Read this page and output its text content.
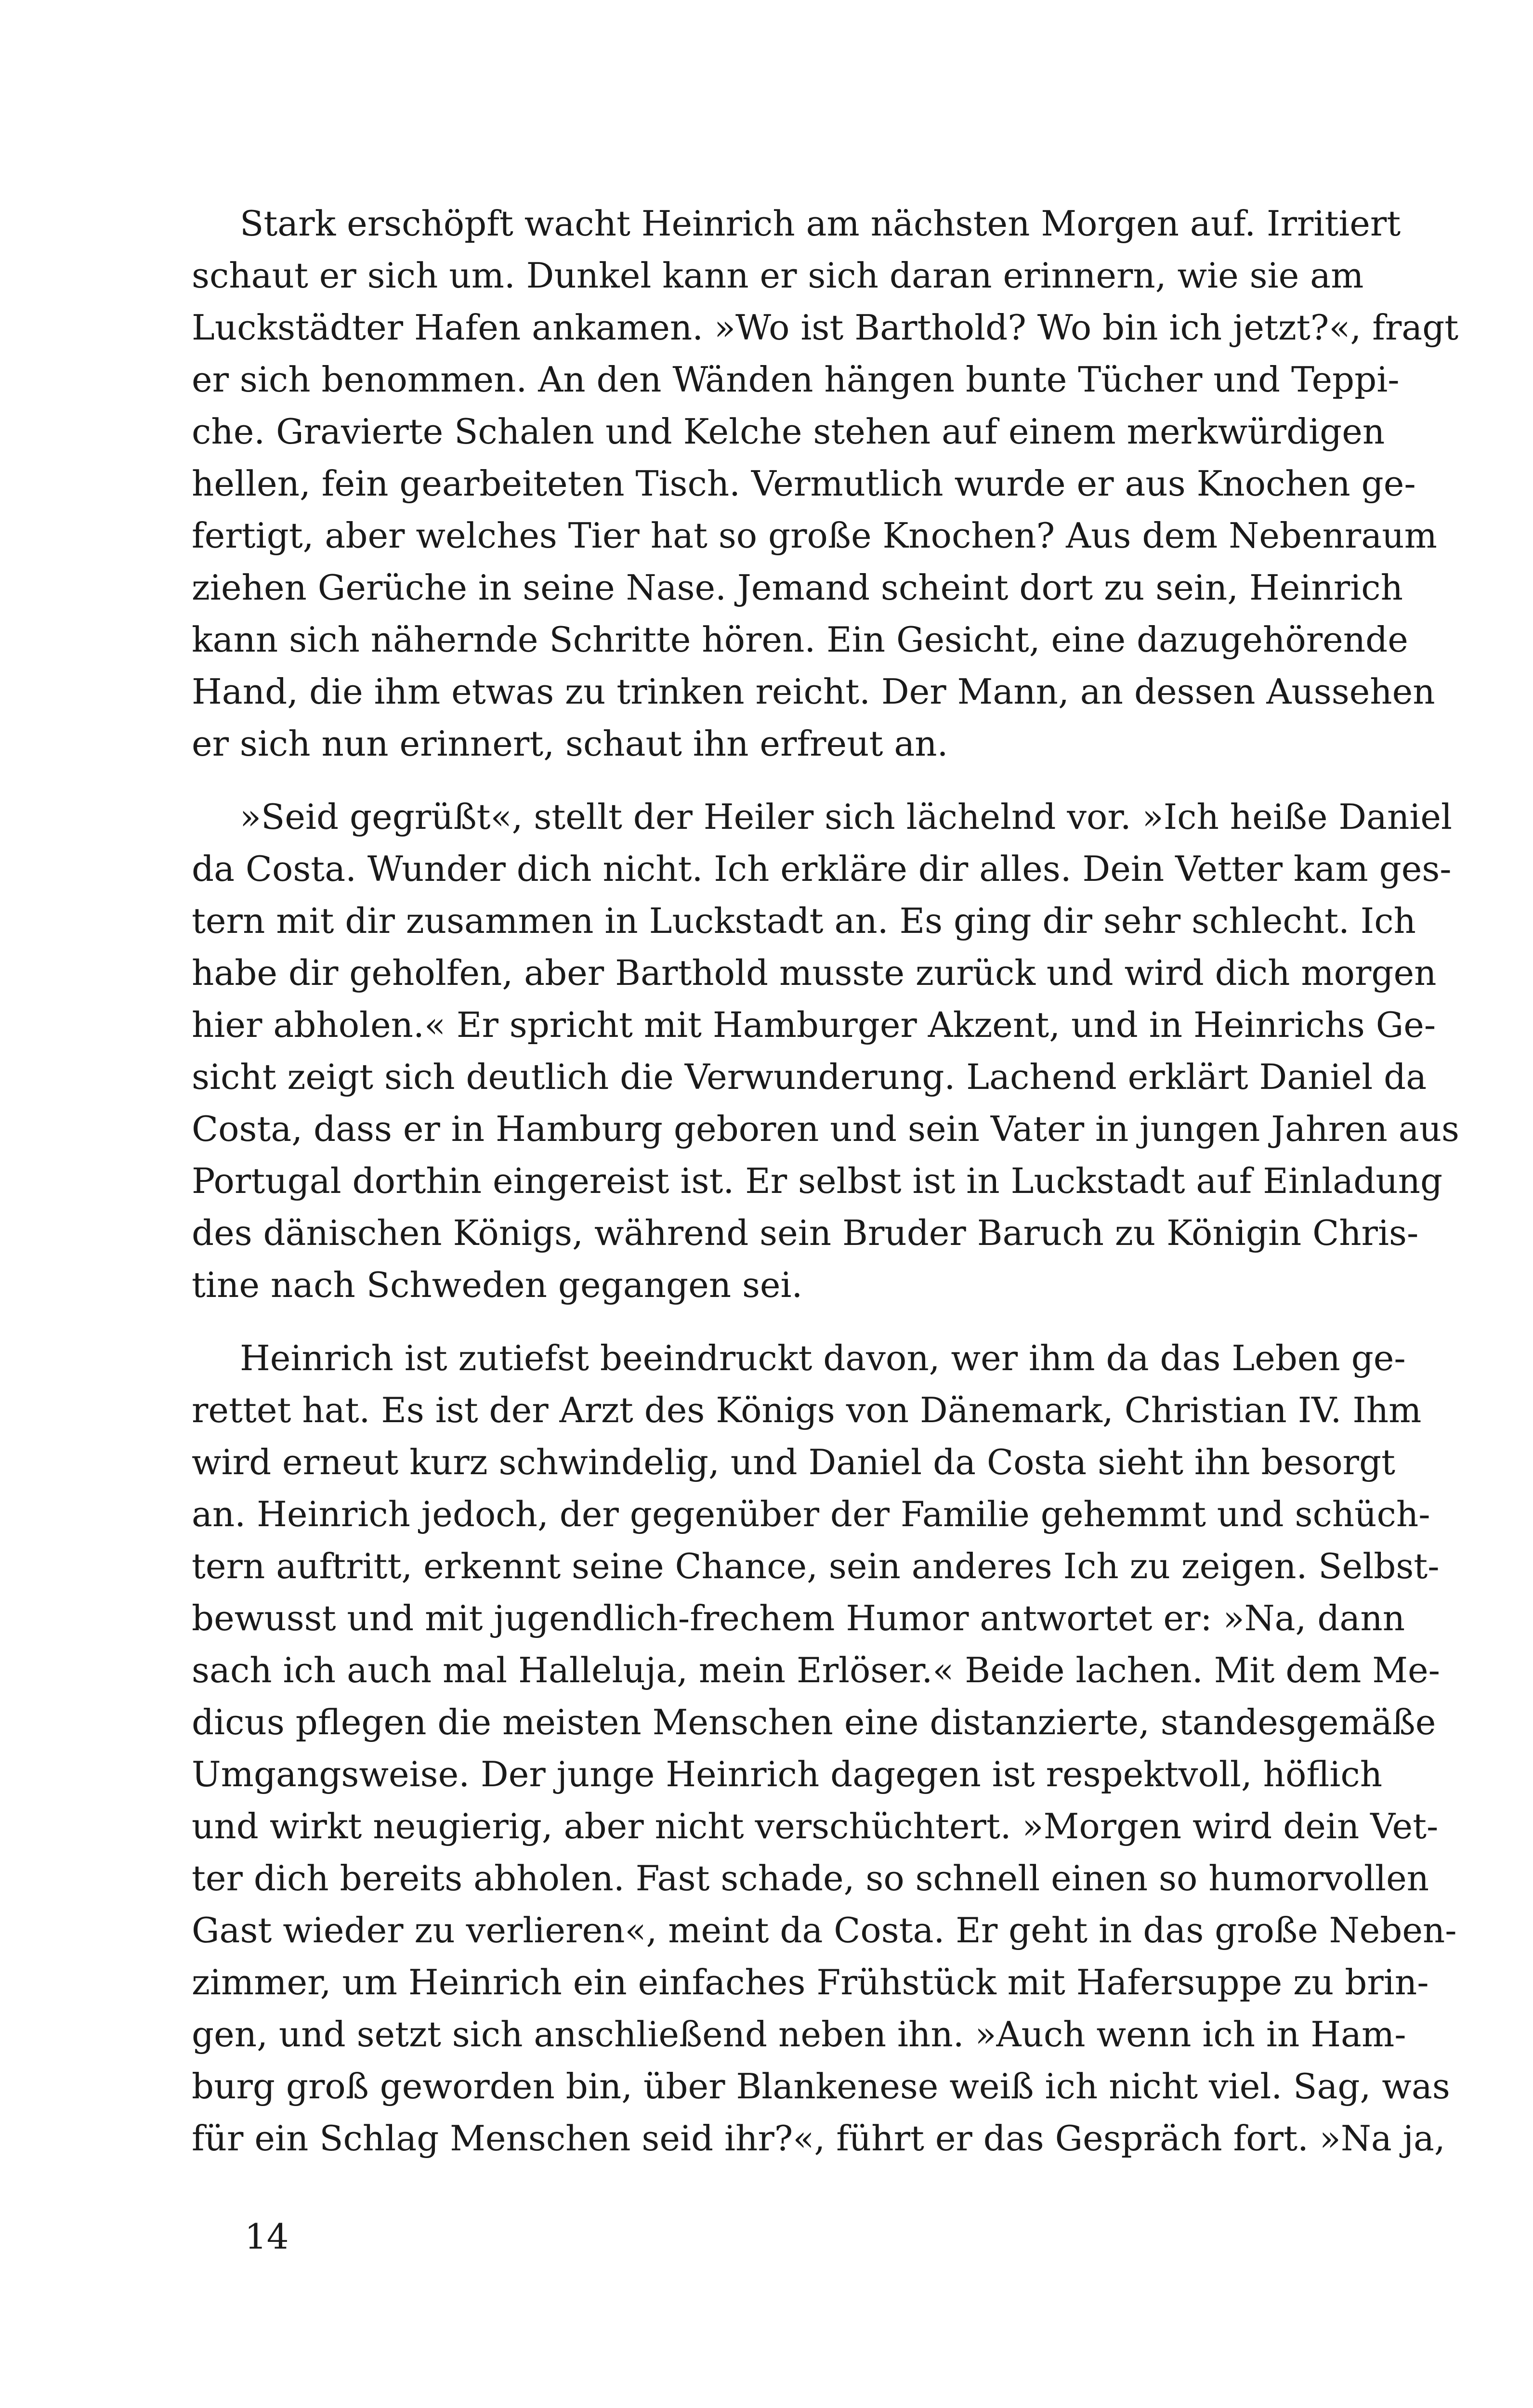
Stark erschöpft wacht Heinrich am nächsten Morgen auf. Irritiert
schaut er sich um. Dunkel kann er sich daran erinnern, wie sie am
Luckstädter Hafen ankamen. »Wo ist Barthold? Wo bin ich jetzt?«, fragt
er sich benommen. An den Wänden hängen bunte Tücher und Teppi-
che. Gravierte Schalen und Kelche stehen auf einem merkwürdigen
hellen, fein gearbeiteten Tisch. Vermutlich wurde er aus Knochen ge-
fertigt, aber welches Tier hat so große Knochen? Aus dem Nebenraum
ziehen Gerüche in seine Nase. Jemand scheint dort zu sein, Heinrich
kann sich nähernde Schritte hören. Ein Gesicht, eine dazugehörende
Hand, die ihm etwas zu trinken reicht. Der Mann, an dessen Aussehen
er sich nun erinnert, schaut ihn erfreut an.
»Seid gegrüßt«, stellt der Heiler sich lächelnd vor. »Ich heiße Daniel
da Costa. Wunder dich nicht. Ich erkläre dir alles. Dein Vetter kam ges-
tern mit dir zusammen in Luckstadt an. Es ging dir sehr schlecht. Ich
habe dir geholfen, aber Barthold musste zurück und wird dich morgen
hier abholen.« Er spricht mit Hamburger Akzent, und in Heinrichs Ge-
sicht zeigt sich deutlich die Verwunderung. Lachend erklärt Daniel da
Costa, dass er in Hamburg geboren und sein Vater in jungen Jahren aus
Portugal dorthin eingereist ist. Er selbst ist in Luckstadt auf Einladung
des dänischen Königs, während sein Bruder Baruch zu Königin Chris-
tine nach Schweden gegangen sei.
Heinrich ist zutiefst beeindruckt davon, wer ihm da das Leben ge-
rettet hat. Es ist der Arzt des Königs von Dänemark, Christian IV. Ihm
wird erneut kurz schwindelig, und Daniel da Costa sieht ihn besorgt
an. Heinrich jedoch, der gegenüber der Familie gehemmt und schüch-
tern auftritt, erkennt seine Chance, sein anderes Ich zu zeigen. Selbst-
bewusst und mit jugendlich-frechem Humor antwortet er: »Na, dann
sach ich auch mal Halleluja, mein Erlöser.« Beide lachen. Mit dem Me-
dicus pflegen die meisten Menschen eine distanzierte, standesgemäße
Umgangsweise. Der junge Heinrich dagegen ist respektvoll, höflich
und wirkt neugierig, aber nicht verschüchtert. »Morgen wird dein Vet-
ter dich bereits abholen. Fast schade, so schnell einen so humorvollen
Gast wieder zu verlieren«, meint da Costa. Er geht in das große Neben-
zimmer, um Heinrich ein einfaches Frühstück mit Hafersuppe zu brin-
gen, und setzt sich anschließend neben ihn. »Auch wenn ich in Ham-
burg groß geworden bin, über Blankenese weiß ich nicht viel. Sag, was
für ein Schlag Menschen seid ihr?«, führt er das Gespräch fort. »Na ja,
14
